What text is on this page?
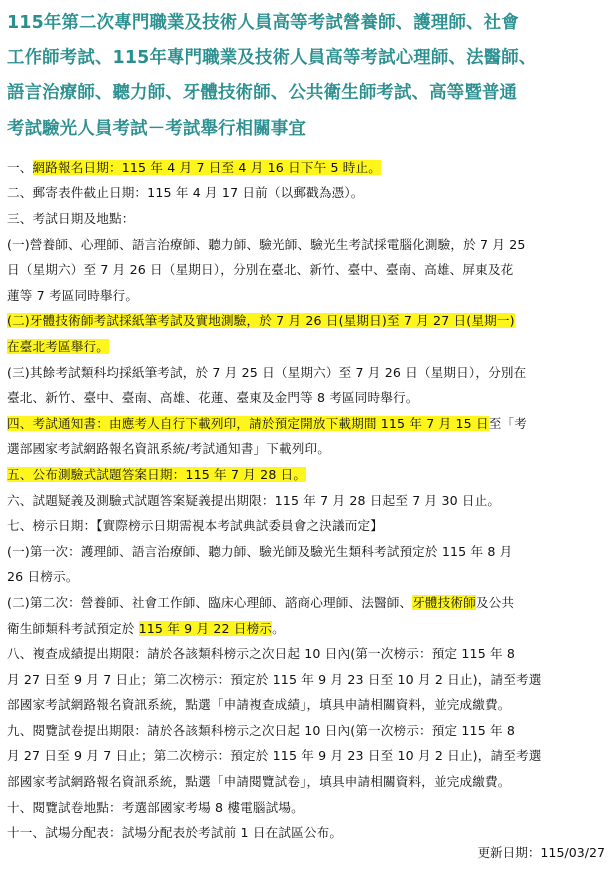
115年第二次專門職業及技術人員高等考試營養師、護理師、社會
工作師考試、115年專門職業及技術人員高等考試心理師、法醫師、
語言治療師、聽力師、牙體技術師、公共衛生師考試、高等暨普通
考試驗光人員考試－考試舉行相關事宜
一、網路報名日期：115 年 4 月 7 日至 4 月 16 日下午 5 時止。
二、郵寄表件截止日期：115 年 4 月 17 日前（以郵戳為憑）。
三、考試日期及地點：
(一)營養師、心理師、語言治療師、聽力師、驗光師、驗光生考試採電腦化測驗，於 7 月 25
日（星期六）至 7 月 26 日（星期日），分別在臺北、新竹、臺中、臺南、高雄、屏東及花
蓮等 7 考區同時舉行。
(二)牙體技術師考試採紙筆考試及實地測驗，於 7 月 26 日(星期日)至 7 月 27 日(星期一)
在臺北考區舉行。
(三)其餘考試類科均採紙筆考試，於 7 月 25 日（星期六）至 7 月 26 日（星期日），分別在
臺北、新竹、臺中、臺南、高雄、花蓮、臺東及金門等 8 考區同時舉行。
四、考試通知書：由應考人自行下載列印，請於預定開放下載期間 115 年 7 月 15 日至「考
選部國家考試網路報名資訊系統/考試通知書」下載列印。
五、公布測驗式試題答案日期：115 年 7 月 28 日。
六、試題疑義及測驗式試題答案疑義提出期限：115 年 7 月 28 日起至 7 月 30 日止。
七、榜示日期：【實際榜示日期需視本考試典試委員會之決議而定】
(一)第一次：護理師、語言治療師、聽力師、驗光師及驗光生類科考試預定於 115 年 8 月
26 日榜示。
(二)第二次：營養師、社會工作師、臨床心理師、諮商心理師、法醫師、牙體技術師及公共
衛生師類科考試預定於 115 年 9 月 22 日榜示。
八、複查成績提出期限：請於各該類科榜示之次日起 10 日內(第一次榜示：預定 115 年 8
月 27 日至 9 月 7 日止；第二次榜示：預定於 115 年 9 月 23 日至 10 月 2 日止)，請至考選
部國家考試網路報名資訊系統，點選「申請複查成績」，填具申請相關資料，並完成繳費。
九、閱覽試卷提出期限：請於各該類科榜示之次日起 10 日內(第一次榜示：預定 115 年 8
月 27 日至 9 月 7 日止；第二次榜示：預定於 115 年 9 月 23 日至 10 月 2 日止)，請至考選
部國家考試網路報名資訊系統，點選「申請閱覽試卷」，填具申請相關資料，並完成繳費。
十、閱覽試卷地點：考選部國家考場 8 樓電腦試場。
十一、試場分配表：試場分配表於考試前 1 日在試區公布。
更新日期：115/03/27
